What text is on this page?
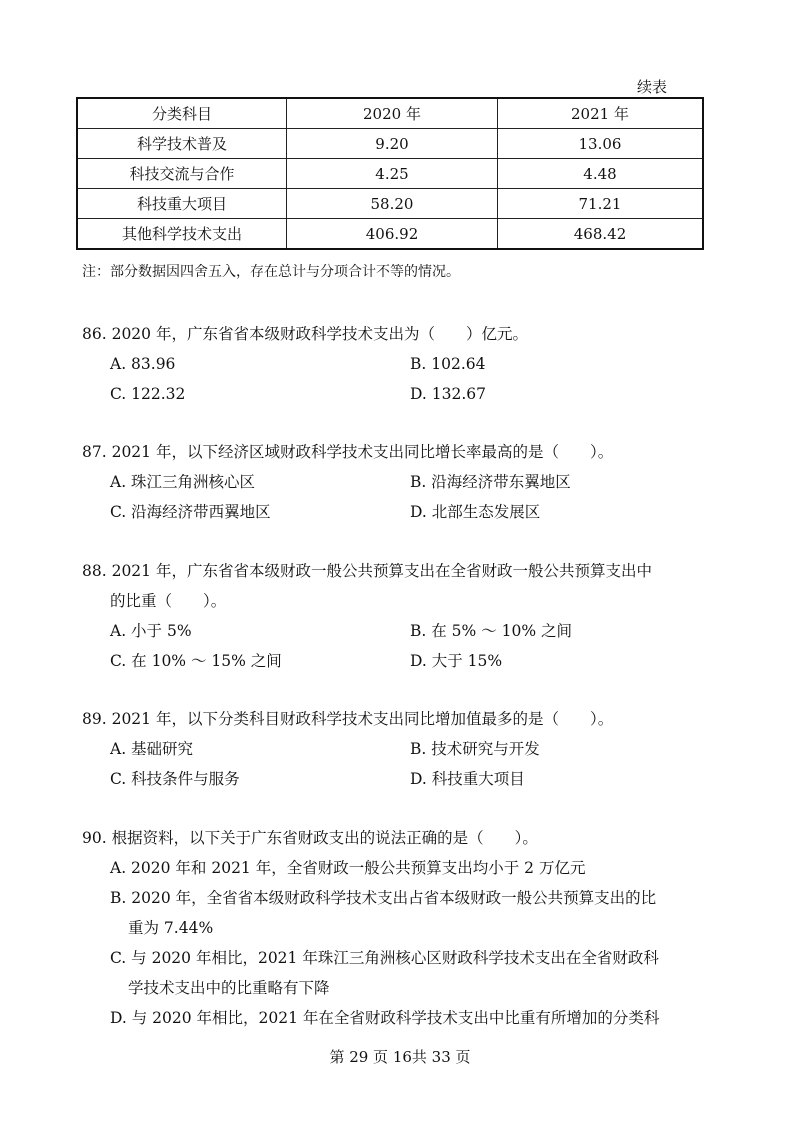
续表
分类科目	2020 年	2021 年
科学技术普及	9.20	13.06
科技交流与合作	4.25	4.48
科技重大项目	58.20	71.21
其他科学技术支出	406.92	468.42
注：部分数据因四舍五入，存在总计与分项合计不等的情况。
86. 2020 年，广东省省本级财政科学技术支出为（　　）亿元。
A. 83.96	B. 102.64
C. 122.32	D. 132.67
87. 2021 年，以下经济区域财政科学技术支出同比增长率最高的是（　　）。
A. 珠江三角洲核心区	B. 沿海经济带东翼地区
C. 沿海经济带西翼地区	D. 北部生态发展区
88. 2021 年，广东省省本级财政一般公共预算支出在全省财政一般公共预算支出中
的比重（　　）。
A. 小于 5%	B. 在 5% ～ 10% 之间
C. 在 10% ～ 15% 之间	D. 大于 15%
89. 2021 年，以下分类科目财政科学技术支出同比增加值最多的是（　　）。
A. 基础研究	B. 技术研究与开发
C. 科技条件与服务	D. 科技重大项目
90. 根据资料，以下关于广东省财政支出的说法正确的是（　　）。
A. 2020 年和 2021 年，全省财政一般公共预算支出均小于 2 万亿元
B. 2020 年，全省省本级财政科学技术支出占省本级财政一般公共预算支出的比
重为 7.44%
C. 与 2020 年相比，2021 年珠江三角洲核心区财政科学技术支出在全省财政科
学技术支出中的比重略有下降
D. 与 2020 年相比，2021 年在全省财政科学技术支出中比重有所增加的分类科
第 29 页 16共 33 页
